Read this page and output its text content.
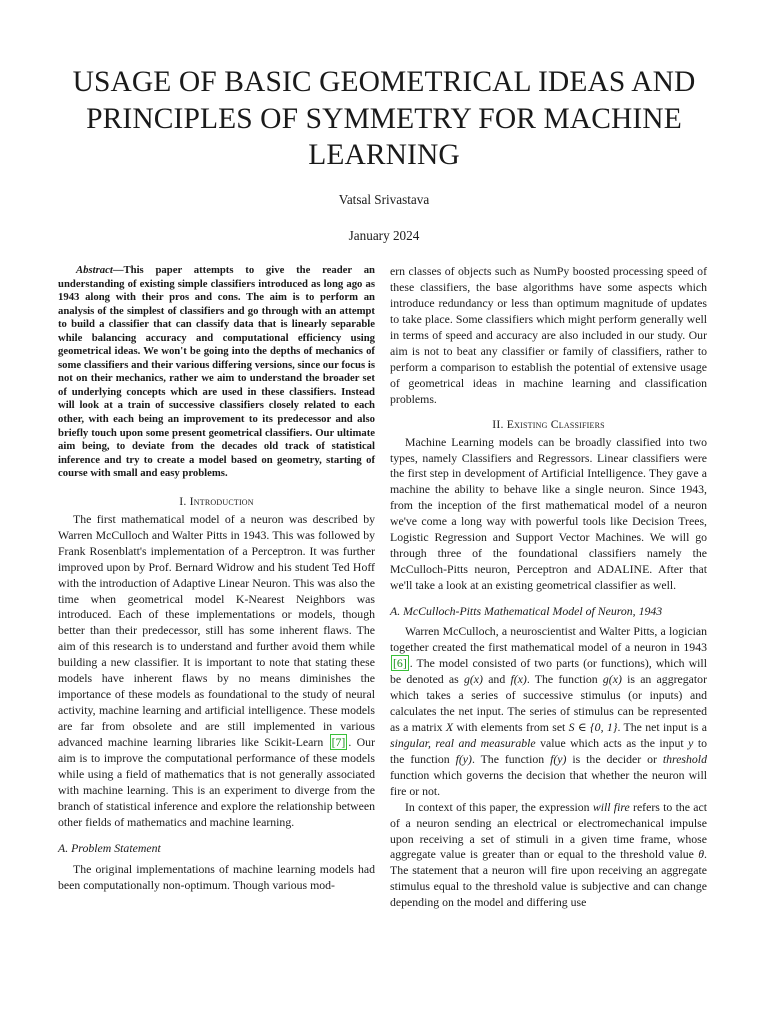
USAGE OF BASIC GEOMETRICAL IDEAS AND PRINCIPLES OF SYMMETRY FOR MACHINE LEARNING

Vatsal Srivastava

January 2024

Abstract—This paper attempts to give the reader an understanding of existing simple classifiers introduced as long ago as 1943 along with their pros and cons. The aim is to perform an analysis of the simplest of classifiers and go through with an attempt to build a classifier that can classify data that is linearly separable while balancing accuracy and computational efficiency using geometrical ideas. We won't be going into the depths of mechanics of some classifiers and their various differing versions, since our focus is not on their mechanics, rather we aim to understand the broader set of underlying concepts which are used in these classifiers. Instead will look at a train of successive classifiers closely related to each other, with each being an improvement to its predecessor and also briefly touch upon some present geometrical classifiers. Our ultimate aim being, to deviate from the decades old track of statistical inference and try to create a model based on geometry, starting of course with small and easy problems.

I. Introduction

The first mathematical model of a neuron was described by Warren McCulloch and Walter Pitts in 1943. This was followed by Frank Rosenblatt's implementation of a Perceptron. It was further improved upon by Prof. Bernard Widrow and his student Ted Hoff with the introduction of Adaptive Linear Neuron. This was also the time when geometrical model K-Nearest Neighbors was introduced. Each of these implementations or models, though better than their predecessor, still has some inherent flaws. The aim of this research is to understand and further avoid them while building a new classifier. It is important to note that stating these models have inherent flaws by no means diminishes the importance of these models as foundational to the study of neural activity, machine learning and artificial intelligence. These models are far from obsolete and are still implemented in various advanced machine learning libraries like Scikit-Learn [7] . Our aim is to improve the computational performance of these models while using a field of mathematics that is not generally associated with machine learning. This is an experiment to diverge from the branch of statistical inference and explore the relationship between other fields of mathematics and machine learning.

A. Problem Statement

The original implementations of machine learning models had been computationally non-optimum. Though various mod-

ern classes of objects such as NumPy boosted processing speed of these classifiers, the base algorithms have some aspects which introduce redundancy or less than optimum magnitude of updates to take place. Some classifiers which might perform generally well in terms of speed and accuracy are also included in our study. Our aim is not to beat any classifier or family of classifiers, rather to perform a comparison to establish the potential of extensive usage of geometrical ideas in machine learning and classification problems.

II. Existing Classifiers

Machine Learning models can be broadly classified into two types, namely Classifiers and Regressors. Linear classifiers were the first step in development of Artificial Intelligence. They gave a machine the ability to behave like a single neuron. Since 1943, from the inception of the first mathematical model of a neuron we've come a long way with powerful tools like Decision Trees, Logistic Regression and Support Vector Machines. We will go through three of the foundational classifiers namely the McCulloch-Pitts neuron, Perceptron and ADALINE. After that we'll take a look at an existing geometrical classifier as well.

A. McCulloch-Pitts Mathematical Model of Neuron, 1943

Warren McCulloch, a neuroscientist and Walter Pitts, a logician together created the first mathematical model of a neuron in 1943 [6] . The model consisted of two parts (or functions), which will be denoted as g(x) and f(x). The function g(x) is an aggregator which takes a series of successive stimulus (or inputs) and calculates the net input. The series of stimulus can be represented as a matrix X with elements from set S ∈ {0, 1}. The net input is a singular, real and measurable value which acts as the input y to the function f(y). The function f(y) is the decider or threshold function which governs the decision that whether the neuron will fire or not.

In context of this paper, the expression will fire refers to the act of a neuron sending an electrical or electromechanical impulse upon receiving a set of stimuli in a given time frame, whose aggregate value is greater than or equal to the threshold value θ. The statement that a neuron will fire upon receiving an aggregate stimulus equal to the threshold value is subjective and can change depending on the model and differing use
